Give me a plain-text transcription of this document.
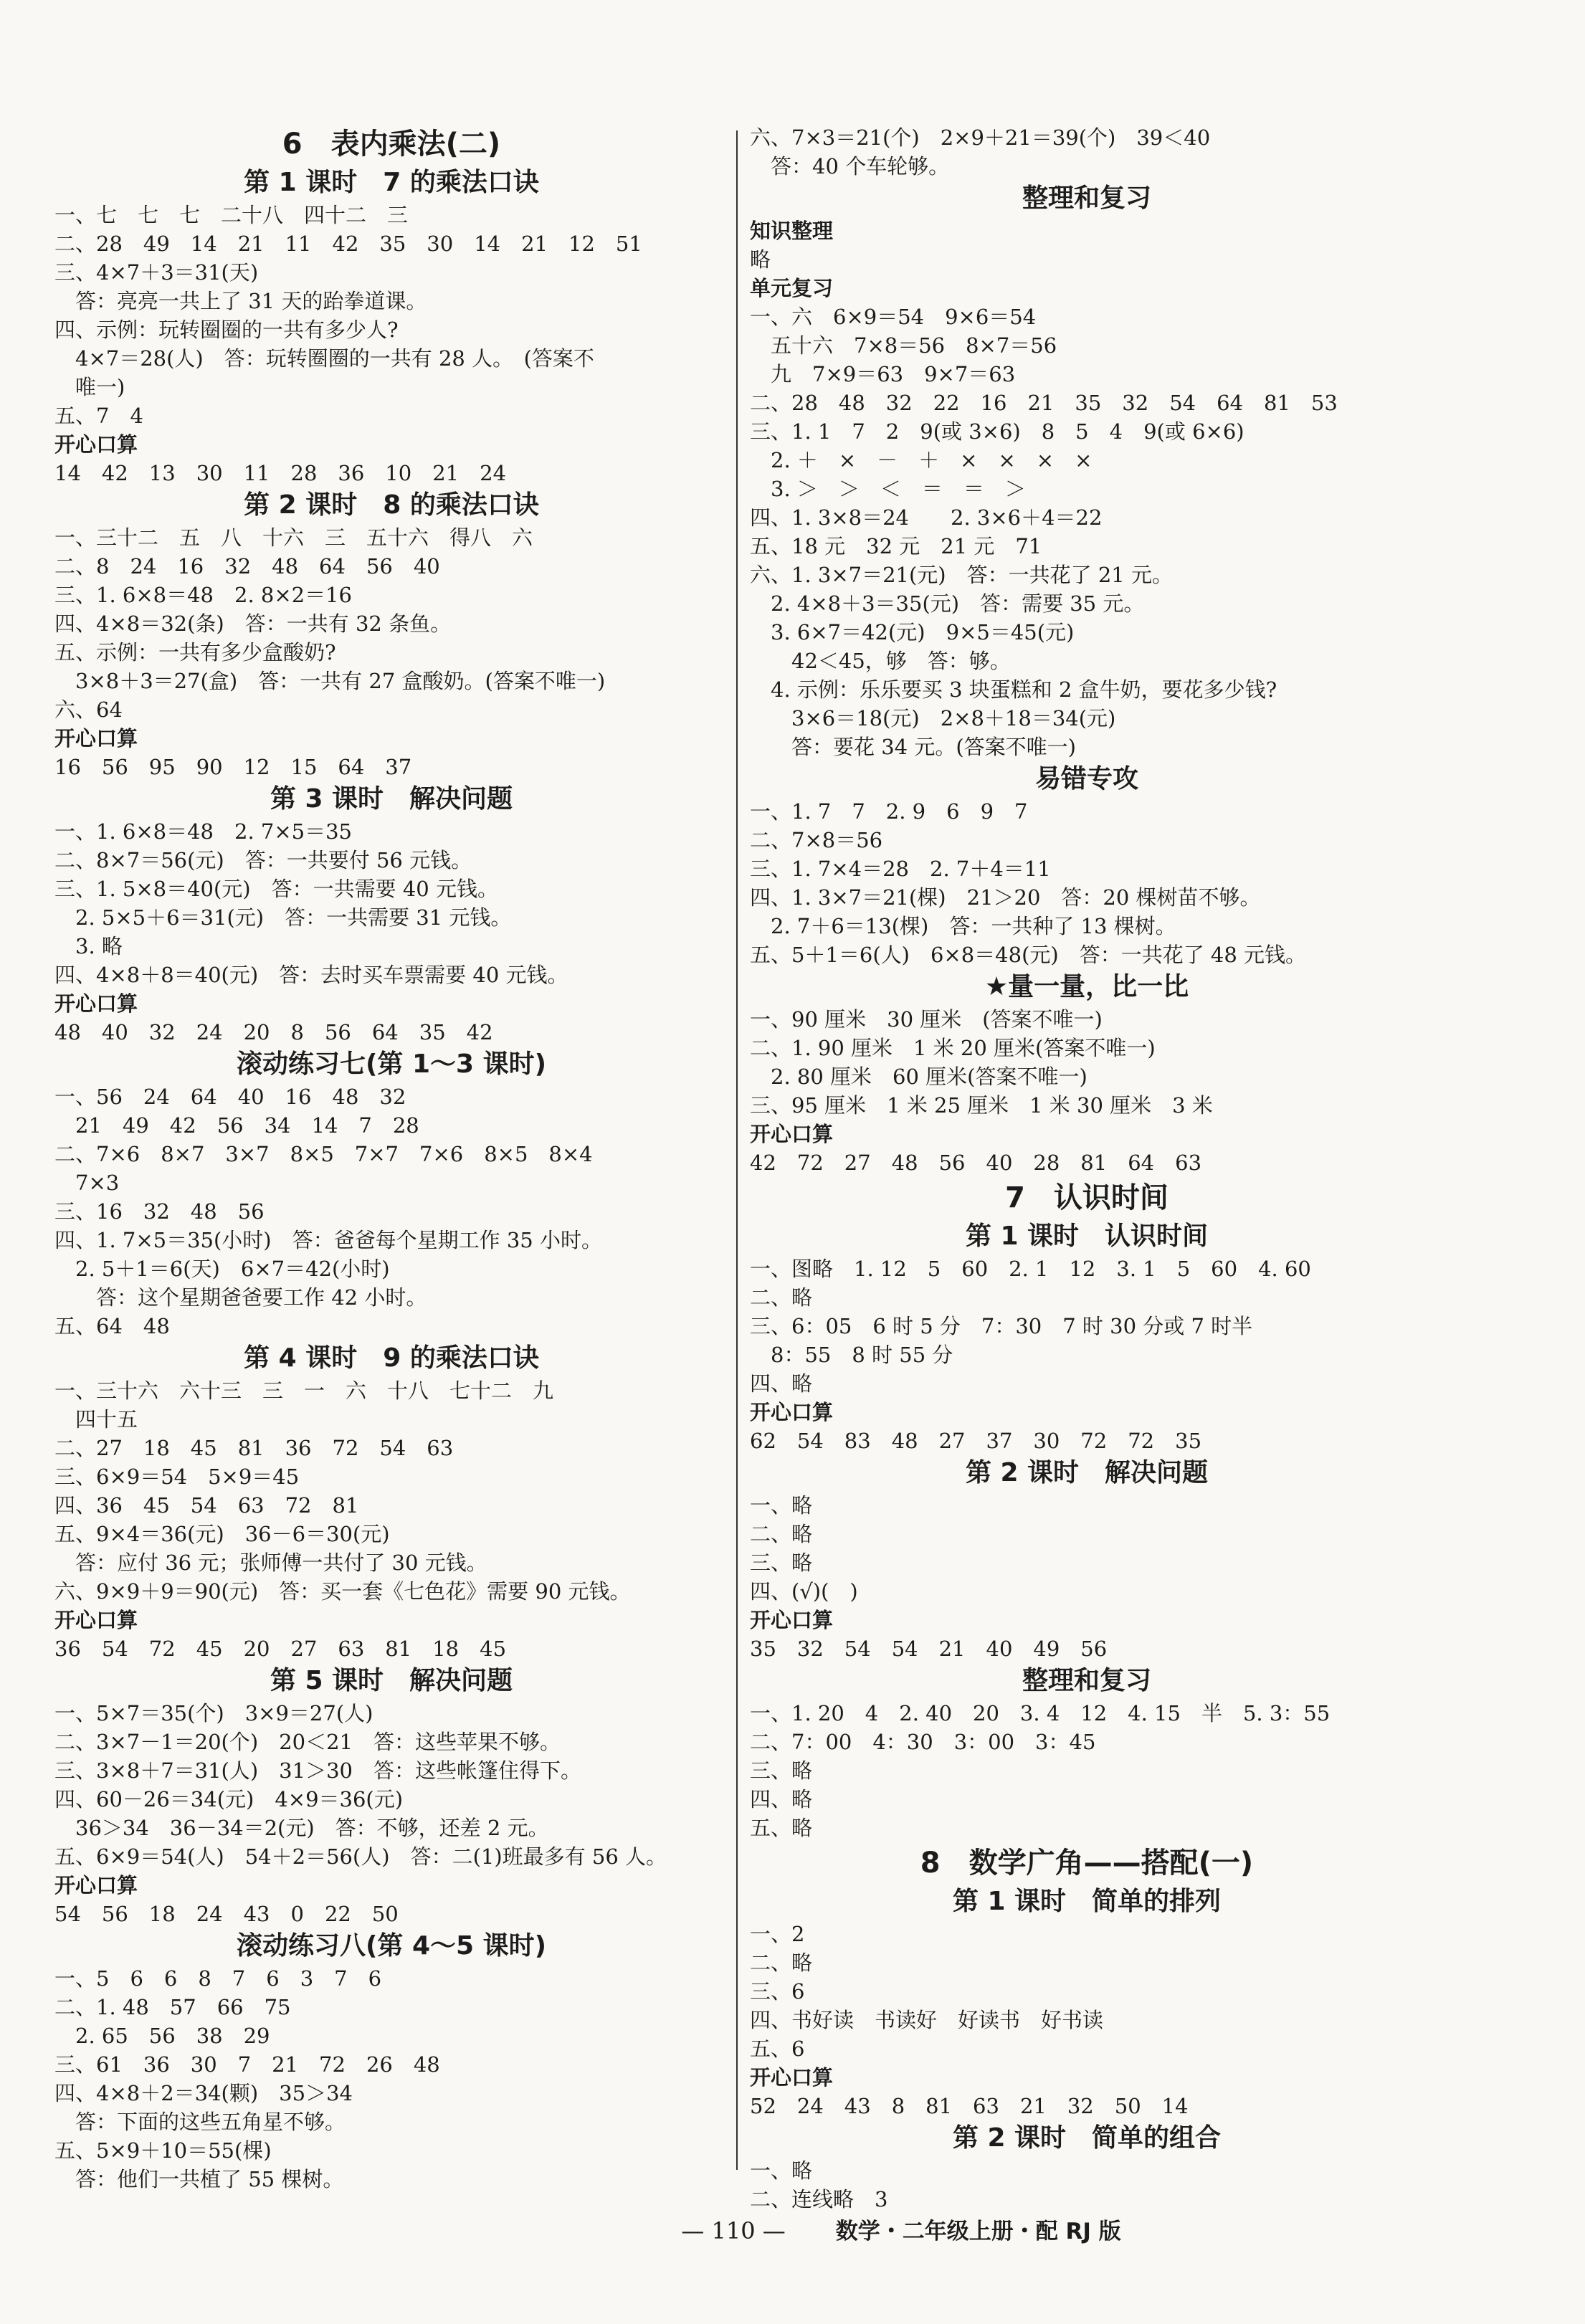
6　表内乘法(二)
第 1 课时　7 的乘法口诀
一、七　七　七　二十八　四十二　三
二、28　49　14　21　11　42　35　30　14　21　12　51
三、4×7＋3＝31(天)
　答：亮亮一共上了 31 天的跆拳道课。
四、示例：玩转圈圈的一共有多少人?
　4×7＝28(人)　答：玩转圈圈的一共有 28 人。　(答案不
　唯一)
五、7　4
开心口算
14　42　13　30　11　28　36　10　21　24
第 2 课时　8 的乘法口诀
一、三十二　五　八　十六　三　五十六　得八　六
二、8　24　16　32　48　64　56　40
三、1. 6×8＝48　2. 8×2＝16
四、4×8＝32(条)　答：一共有 32 条鱼。
五、示例：一共有多少盒酸奶?
　3×8＋3＝27(盒)　答：一共有 27 盒酸奶。(答案不唯一)
六、64
开心口算
16　56　95　90　12　15　64　37
第 3 课时　解决问题
一、1. 6×8＝48　2. 7×5＝35
二、8×7＝56(元)　答：一共要付 56 元钱。
三、1. 5×8＝40(元)　答：一共需要 40 元钱。
　2. 5×5＋6＝31(元)　答：一共需要 31 元钱。
　3. 略
四、4×8＋8＝40(元)　答：去时买车票需要 40 元钱。
开心口算
48　40　32　24　20　8　56　64　35　42
滚动练习七(第 1～3 课时)
一、56　24　64　40　16　48　32
　21　49　42　56　34　14　7　28
二、7×6　8×7　3×7　8×5　7×7　7×6　8×5　8×4
　7×3
三、16　32　48　56
四、1. 7×5＝35(小时)　答：爸爸每个星期工作 35 小时。
　2. 5＋1＝6(天)　6×7＝42(小时)
　　答：这个星期爸爸要工作 42 小时。
五、64　48
第 4 课时　9 的乘法口诀
一、三十六　六十三　三　一　六　十八　七十二　九
　四十五
二、27　18　45　81　36　72　54　63
三、6×9＝54　5×9＝45
四、36　45　54　63　72　81
五、9×4＝36(元)　36－6＝30(元)
　答：应付 36 元；张师傅一共付了 30 元钱。
六、9×9＋9＝90(元)　答：买一套《七色花》需要 90 元钱。
开心口算
36　54　72　45　20　27　63　81　18　45
第 5 课时　解决问题
一、5×7＝35(个)　3×9＝27(人)
二、3×7－1＝20(个)　20＜21　答：这些苹果不够。
三、3×8＋7＝31(人)　31＞30　答：这些帐篷住得下。
四、60－26＝34(元)　4×9＝36(元)
　36＞34　36－34＝2(元)　答：不够，还差 2 元。
五、6×9＝54(人)　54＋2＝56(人)　答：二(1)班最多有 56 人。
开心口算
54　56　18　24　43　0　22　50
滚动练习八(第 4～5 课时)
一、5　6　6　8　7　6　3　7　6
二、1. 48　57　66　75
　2. 65　56　38　29
三、61　36　30　7　21　72　26　48
四、4×8＋2＝34(颗)　35＞34
　答：下面的这些五角星不够。
五、5×9＋10＝55(棵)
　答：他们一共植了 55 棵树。
六、7×3＝21(个)　2×9＋21＝39(个)　39＜40
　答：40 个车轮够。
整理和复习
知识整理
略
单元复习
一、六　6×9＝54　9×6＝54
　五十六　7×8＝56　8×7＝56
　九　7×9＝63　9×7＝63
二、28　48　32　22　16　21　35　32　54　64　81　53
三、1. 1　7　2　9(或 3×6)　8　5　4　9(或 6×6)
　2. ＋　×　－　＋　×　×　×　×
　3. ＞　＞　＜　＝　＝　＞
四、1. 3×8＝24　　2. 3×6＋4＝22
五、18 元　32 元　21 元　71
六、1. 3×7＝21(元)　答：一共花了 21 元。
　2. 4×8＋3＝35(元)　答：需要 35 元。
　3. 6×7＝42(元)　9×5＝45(元)
　　42＜45，够　答：够。
　4. 示例：乐乐要买 3 块蛋糕和 2 盒牛奶，要花多少钱?
　　3×6＝18(元)　2×8＋18＝34(元)
　　答：要花 34 元。(答案不唯一)
易错专攻
一、1. 7　7　2. 9　6　9　7
二、7×8＝56
三、1. 7×4＝28　2. 7＋4＝11
四、1. 3×7＝21(棵)　21＞20　答：20 棵树苗不够。
　2. 7＋6＝13(棵)　答：一共种了 13 棵树。
五、5＋1＝6(人)　6×8＝48(元)　答：一共花了 48 元钱。
★量一量，比一比
一、90 厘米　30 厘米　(答案不唯一)
二、1. 90 厘米　1 米 20 厘米(答案不唯一)
　2. 80 厘米　60 厘米(答案不唯一)
三、95 厘米　1 米 25 厘米　1 米 30 厘米　3 米
开心口算
42　72　27　48　56　40　28　81　64　63
7　认识时间
第 1 课时　认识时间
一、图略　1. 12　5　60　2. 1　12　3. 1　5　60　4. 60
二、略
三、6：05　6 时 5 分　7：30　7 时 30 分或 7 时半
　8：55　8 时 55 分
四、略
开心口算
62　54　83　48　27　37　30　72　72　35
第 2 课时　解决问题
一、略
二、略
三、略
四、(√)(　)
开心口算
35　32　54　54　21　40　49　56
整理和复习
一、1. 20　4　2. 40　20　3. 4　12　4. 15　半　5. 3：55
二、7：00　4：30　3：00　3：45
三、略
四、略
五、略
8　数学广角——搭配(一)
第 1 课时　简单的排列
一、2
二、略
三、6
四、书好读　书读好　好读书　好书读
五、6
开心口算
52　24　43　8　81　63　21　32　50　14
第 2 课时　简单的组合
一、略
二、连线略　3

— 110 — 数学・二年级上册・配 RJ 版
